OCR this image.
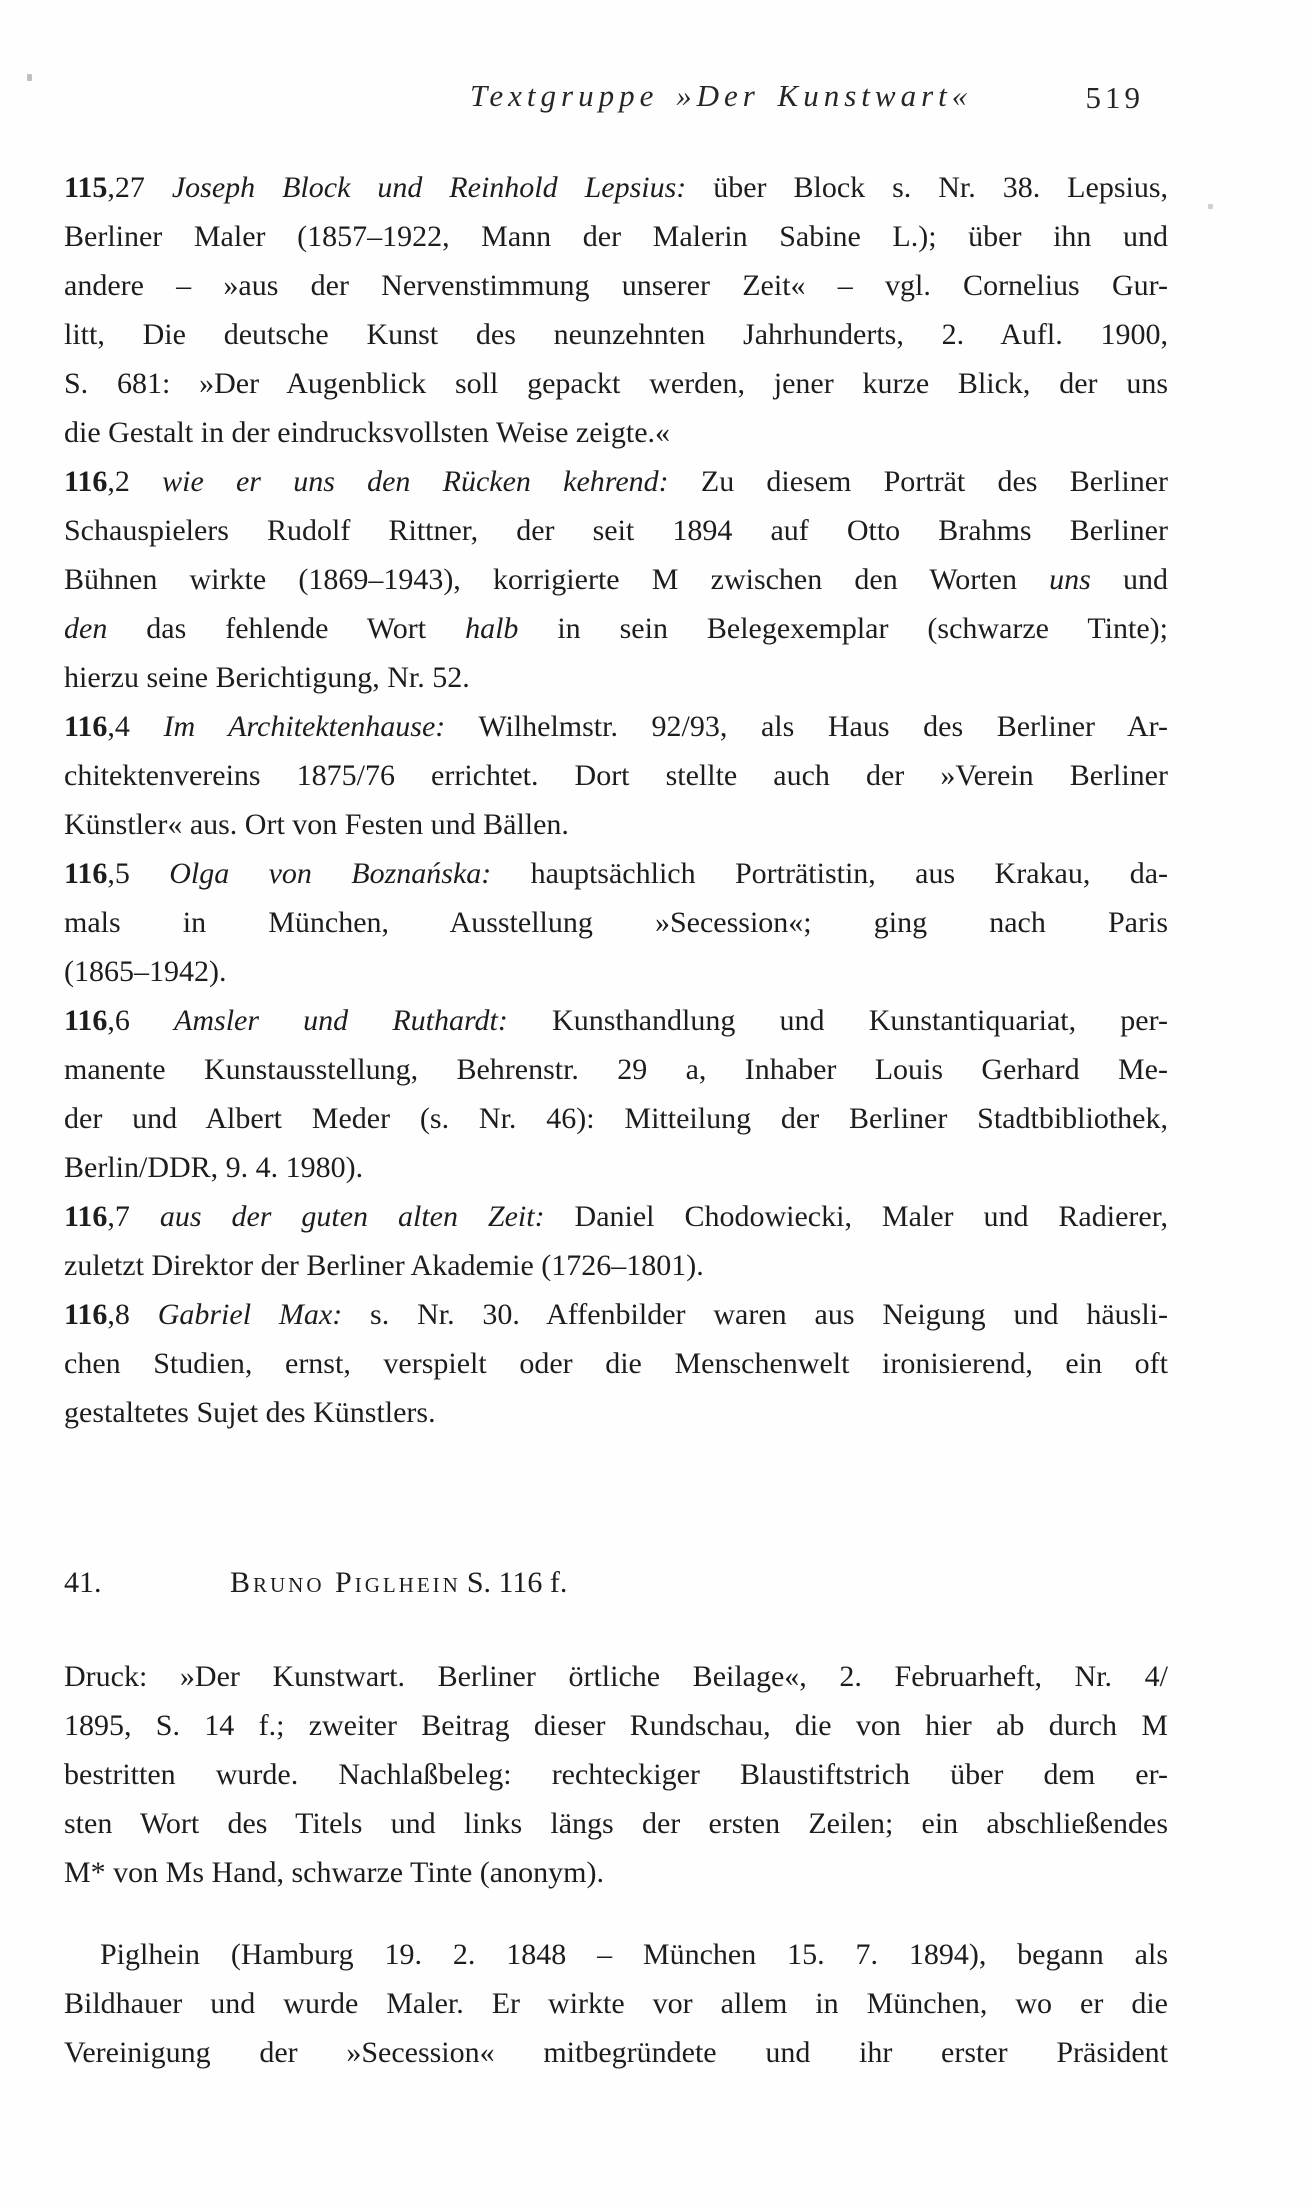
Textgruppe »Der Kunstwart«	519
115,27 Joseph Block und Reinhold Lepsius: über Block s. Nr. 38. Lepsius,
Berliner Maler (1857–1922, Mann der Malerin Sabine L.); über ihn und
andere – »aus der Nervenstimmung unserer Zeit« – vgl. Cornelius Gur-
litt, Die deutsche Kunst des neunzehnten Jahrhunderts, 2. Aufl. 1900,
S. 681: »Der Augenblick soll gepackt werden, jener kurze Blick, der uns
die Gestalt in der eindrucksvollsten Weise zeigte.«
116,2 wie er uns den Rücken kehrend: Zu diesem Porträt des Berliner
Schauspielers Rudolf Rittner, der seit 1894 auf Otto Brahms Berliner
Bühnen wirkte (1869–1943), korrigierte M zwischen den Worten uns und
den das fehlende Wort halb in sein Belegexemplar (schwarze Tinte);
hierzu seine Berichtigung, Nr. 52.
116,4 Im Architektenhause: Wilhelmstr. 92/93, als Haus des Berliner Ar-
chitektenvereins 1875/76 errichtet. Dort stellte auch der »Verein Berliner
Künstler« aus. Ort von Festen und Bällen.
116,5 Olga von Boznańska: hauptsächlich Porträtistin, aus Krakau, da-
mals in München, Ausstellung »Secession«; ging nach Paris
(1865–1942).
116,6 Amsler und Ruthardt: Kunsthandlung und Kunstantiquariat, per-
manente Kunstausstellung, Behrenstr. 29 a, Inhaber Louis Gerhard Me-
der und Albert Meder (s. Nr. 46): Mitteilung der Berliner Stadtbibliothek,
Berlin/DDR, 9. 4. 1980).
116,7 aus der guten alten Zeit: Daniel Chodowiecki, Maler und Radierer,
zuletzt Direktor der Berliner Akademie (1726–1801).
116,8 Gabriel Max: s. Nr. 30. Affenbilder waren aus Neigung und häusli-
chen Studien, ernst, verspielt oder die Menschenwelt ironisierend, ein oft
gestaltetes Sujet des Künstlers.
41.	Bruno Piglhein S. 116 f.
Druck: »Der Kunstwart. Berliner örtliche Beilage«, 2. Februarheft, Nr. 4/
1895, S. 14 f.; zweiter Beitrag dieser Rundschau, die von hier ab durch M
bestritten wurde. Nachlaßbeleg: rechteckiger Blaustiftstrich über dem er-
sten Wort des Titels und links längs der ersten Zeilen; ein abschließendes
M* von Ms Hand, schwarze Tinte (anonym).
Piglhein (Hamburg 19. 2. 1848 – München 15. 7. 1894), begann als
Bildhauer und wurde Maler. Er wirkte vor allem in München, wo er die
Vereinigung der »Secession« mitbegründete und ihr erster Präsident
